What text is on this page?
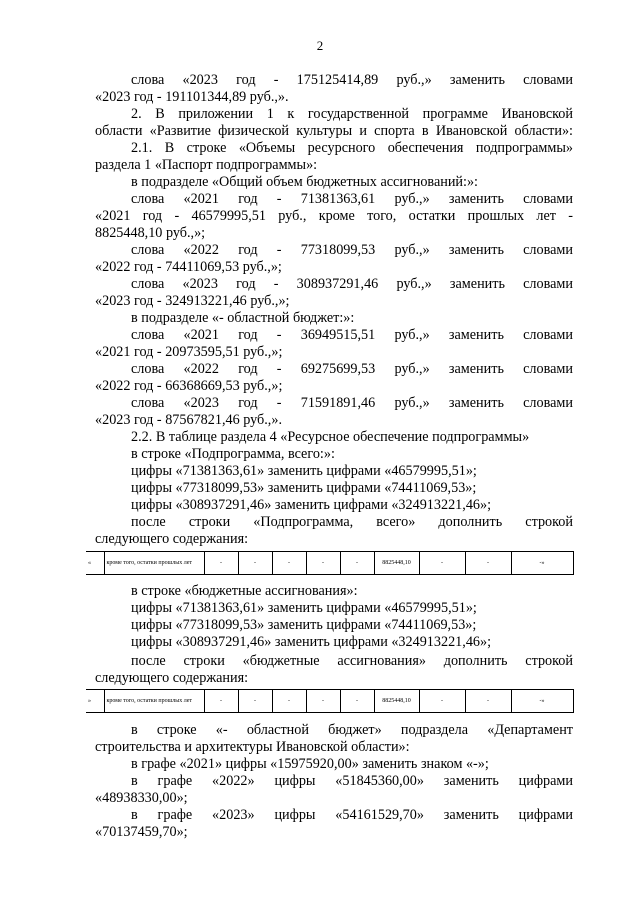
2
слова «2023 год - 175125414,89 руб.,» заменить словами
«2023 год - 191101344,89 руб.,».
2. В приложении 1 к государственной программе Ивановской
области «Развитие физической культуры и спорта в Ивановской области»:
2.1. В строке «Объемы ресурсного обеспечения подпрограммы»
раздела 1 «Паспорт подпрограммы»:
в подразделе «Общий объем бюджетных ассигнований:»:
слова «2021 год - 71381363,61 руб.,» заменить словами
«2021 год - 46579995,51 руб., кроме того, остатки прошлых лет -
8825448,10 руб.,»;
слова «2022 год - 77318099,53 руб.,» заменить словами
«2022 год - 74411069,53 руб.,»;
слова «2023 год - 308937291,46 руб.,» заменить словами
«2023 год - 324913221,46 руб.,»;
в подразделе «- областной бюджет:»:
слова «2021 год - 36949515,51 руб.,» заменить словами
«2021 год - 20973595,51 руб.,»;
слова «2022 год - 69275699,53 руб.,» заменить словами
«2022 год - 66368669,53 руб.,»;
слова «2023 год - 71591891,46 руб.,» заменить словами
«2023 год - 87567821,46 руб.,».
2.2. В таблице раздела 4 «Ресурсное обеспечение подпрограммы»
в строке «Подпрограмма, всего:»:
цифры «71381363,61» заменить цифрами «46579995,51»;
цифры «77318099,53» заменить цифрами «74411069,53»;
цифры «308937291,46» заменить цифрами «324913221,46»;
после строки «Подпрограмма, всего» дополнить строкой
следующего содержания:
«	кроме того, остатки прошлых лет	-	-	-	-	-	8825448,10	-	-	-»
в строке «бюджетные ассигнования»:
цифры «71381363,61» заменить цифрами «46579995,51»;
цифры «77318099,53» заменить цифрами «74411069,53»;
цифры «308937291,46» заменить цифрами «324913221,46»;
после строки «бюджетные ассигнования» дополнить строкой
следующего содержания:
»	кроме того, остатки прошлых лет	-	-	-	-	-	8825448,10	-	-	-»
в строке «- областной бюджет» подраздела «Департамент
строительства и архитектуры Ивановской области»:
в графе «2021» цифры «15975920,00» заменить знаком «-»;
в графе «2022» цифры «51845360,00» заменить цифрами
«48938330,00»;
в графе «2023» цифры «54161529,70» заменить цифрами
«70137459,70»;
